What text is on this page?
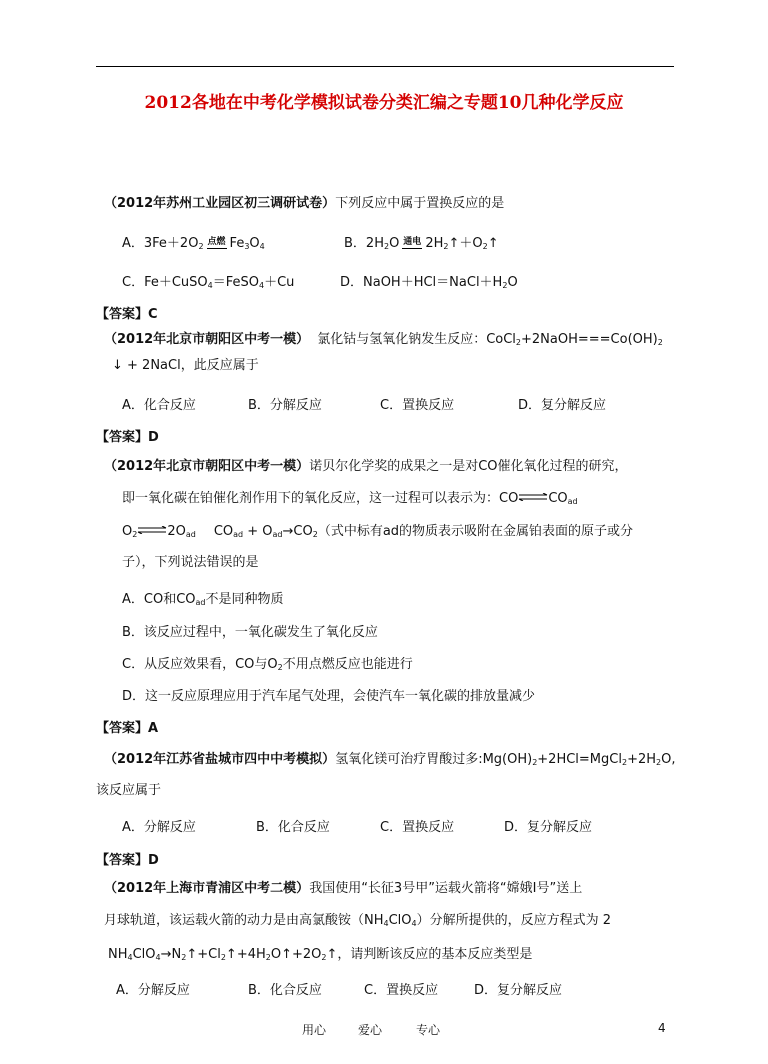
2012各地在中考化学模拟试卷分类汇编之专题10几种化学反应
（2012年苏州工业园区初三调研试卷）下列反应中属于置换反应的是
A．$3Fe+2O_2$ 点燃 $Fe_3O_4$	B．$2H_2O$ 通电 $2H_2↑+O_2↑$
C．Fe＋CuSO$_4$＝FeSO$_4$＋Cu	D．$NaOH+HCl=NaCl+H_2O$
【答案】C
（2012年北京市朝阳区中考一模） 氯化钴与氢氧化钠发生反应：$CoCl_2+2NaOH===Co(OH)_2$
↓ + 2NaCl，此反应属于
A．化合反应	B．分解反应	C．置换反应	D．复分解反应
【答案】D
（2012年北京市朝阳区中考一模）诺贝尔化学奖的成果之一是对CO催化氧化过程的研究，
即一氧化碳在铂催化剂作用下的氧化反应，这一过程可以表示为：$CO\rightleftharpoons CO_{ad}$
$O_2\rightleftharpoons 2O_{ad}$ $CO_{ad} + O_{ad}\to CO_2$（式中标有ad的物质表示吸附在金属铂表面的原子或分
子），下列说法错误的是
A．CO和$CO_{ad}$不是同种物质
B．该反应过程中，一氧化碳发生了氧化反应
C．从反应效果看，CO与$O_2$不用点燃反应也能进行
D．这一反应原理应用于汽车尾气处理，会使汽车一氧化碳的排放量减少
【答案】A
（2012年江苏省盐城市四中中考模拟）氢氧化镁可治疗胃酸过多$:Mg(OH)_2+2HCl=MgCl_2+2H_2O$,
该反应属于
A．分解反应	B．化合反应	C．置换反应	D．复分解反应
【答案】D
（2012年上海市青浦区中考二模）我国使用“长征3号甲”运载火箭将“嫦娥Ⅰ号”送上
月球轨道，该运载火箭的动力是由高氯酸铵$(NH_4ClO_4)$分解所提供的，反应方程式为 2
$NH_4ClO_4\to N_2↑+Cl_2↑+4H_2O↑+2O_2↑$，请判断该反应的基本反应类型是
A．分解反应	B．化合反应	C．置换反应	D．复分解反应
用心	爱心	专心	4
